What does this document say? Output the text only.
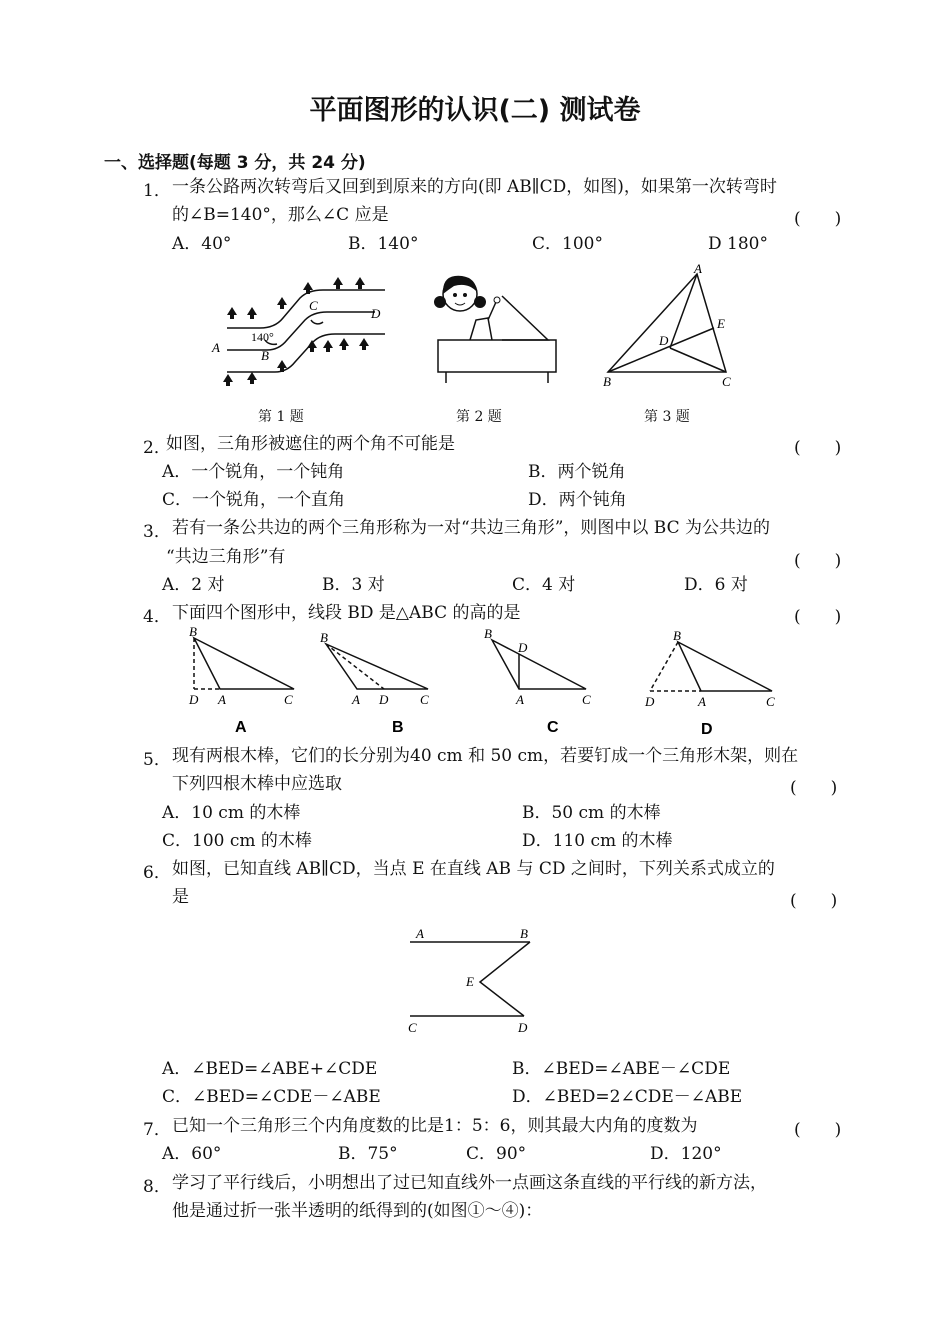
平面图形的认识(二) 测试卷
一、选择题(每题 3 分，共 24 分)
1． 一条公路两次转弯后又回到到原来的方向(即 AB∥CD，如图)，如果第一次转弯时
的∠B=140°，那么∠C 应是	(　　)
A．40°	B．140°	C．100°	D 180°
A
B
C
D
140°
A
B	C
D
E
第 1 题	第 2 题	第 3 题
2．
如图，三角形被遮住的两个角不可能是	(　　)
A．一个锐角，一个钝角	B．两个锐角
C．一个锐角，一个直角	D．两个钝角
3． 若有一条公共边的两个三角形称为一对“共边三角形”，则图中以 BC 为公共边的
“共边三角形”有	(　　)
A．2 对	B．3 对	C．4 对	D．6 对
4． 下面四个图形中，线段 BD 是△ABC 的高的是	(　　)
B
D A	C
A
B
A D C
B
B
D
A	C
C
B
D	A	C
D
5． 现有两根木棒，它们的长分别为40 cm 和 50 cm，若要钉成一个三角形木架，则在
下列四根木棒中应选取	(　　)
A．10 cm 的木棒	B．50 cm 的木棒
C．100 cm 的木棒	D．110 cm 的木棒
6． 如图，已知直线 AB∥CD，当点 E 在直线 AB 与 CD 之间时，下列关系式成立的
是	(　　)
A	B
E
C	D
A．∠BED=∠ABE+∠CDE	B．∠BED=∠ABE－∠CDE
C．∠BED=∠CDE－∠ABE	D．∠BED=2∠CDE－∠ABE
7． 已知一个三角形三个内角度数的比是1：5：6，则其最大内角的度数为	(　　)
A．60°	B．75°	C．90°	D．120°
8． 学习了平行线后，小明想出了过已知直线外一点画这条直线的平行线的新方法，
他是通过折一张半透明的纸得到的(如图①～④)：
